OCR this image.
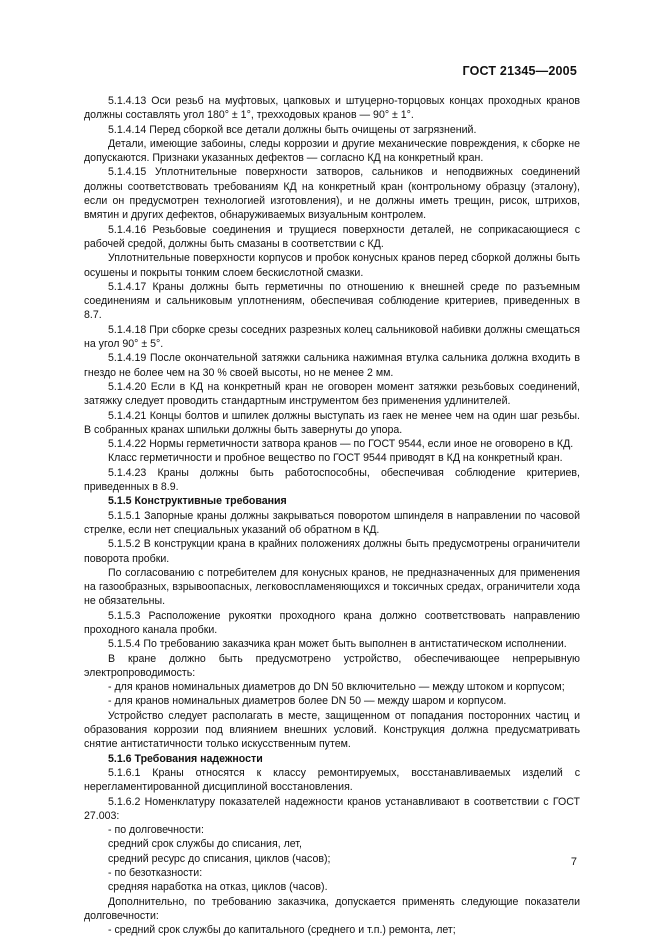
ГОСТ 21345—2005

5.1.4.13 Оси резьб на муфтовых, цапковых и штуцерно-торцовых концах проходных кранов должны составлять угол 180° ± 1°, трехходовых кранов — 90° ± 1°.

5.1.4.14 Перед сборкой все детали должны быть очищены от загрязнений.

Детали, имеющие забоины, следы коррозии и другие механические повреждения, к сборке не допускаются. Признаки указанных дефектов — согласно КД на конкретный кран.

5.1.4.15 Уплотнительные поверхности затворов, сальников и неподвижных соединений должны соответствовать требованиям КД на конкретный кран (контрольному образцу (эталону), если он предусмотрен технологией изготовления), и не должны иметь трещин, рисок, штрихов, вмятин и других дефектов, обнаруживаемых визуальным контролем.

5.1.4.16 Резьбовые соединения и трущиеся поверхности деталей, не соприкасающиеся с рабочей средой, должны быть смазаны в соответствии с КД.

Уплотнительные поверхности корпусов и пробок конусных кранов перед сборкой должны быть осушены и покрыты тонким слоем бескислотной смазки.

5.1.4.17 Краны должны быть герметичны по отношению к внешней среде по разъемным соединениям и сальниковым уплотнениям, обеспечивая соблюдение критериев, приведенных в 8.7.

5.1.4.18 При сборке срезы соседних разрезных колец сальниковой набивки должны смещаться на угол 90° ± 5°.

5.1.4.19 После окончательной затяжки сальника нажимная втулка сальника должна входить в гнездо не более чем на 30 % своей высоты, но не менее 2 мм.

5.1.4.20 Если в КД на конкретный кран не оговорен момент затяжки резьбовых соединений, затяжку следует проводить стандартным инструментом без применения удлинителей.

5.1.4.21 Концы болтов и шпилек должны выступать из гаек не менее чем на один шаг резьбы. В собранных кранах шпильки должны быть завернуты до упора.

5.1.4.22 Нормы герметичности затвора кранов — по ГОСТ 9544, если иное не оговорено в КД.

Класс герметичности и пробное вещество по ГОСТ 9544 приводят в КД на конкретный кран.

5.1.4.23 Краны должны быть работоспособны, обеспечивая соблюдение критериев, приведенных в 8.9.

5.1.5 Конструктивные требования

5.1.5.1 Запорные краны должны закрываться поворотом шпинделя в направлении по часовой стрелке, если нет специальных указаний об обратном в КД.

5.1.5.2 В конструкции крана в крайних положениях должны быть предусмотрены ограничители поворота пробки.

По согласованию с потребителем для конусных кранов, не предназначенных для применения на газообразных, взрывоопасных, легковоспламеняющихся и токсичных средах, ограничители хода не обязательны.

5.1.5.3 Расположение рукоятки проходного крана должно соответствовать направлению проходного канала пробки.

5.1.5.4 По требованию заказчика кран может быть выполнен в антистатическом исполнении.

В кране должно быть предусмотрено устройство, обеспечивающее непрерывную электропроводимость:

- для кранов номинальных диаметров до DN 50 включительно — между штоком и корпусом;

- для кранов номинальных диаметров более DN 50 — между шаром и корпусом.

Устройство следует располагать в месте, защищенном от попадания посторонних частиц и образования коррозии под влиянием внешних условий. Конструкция должна предусматривать снятие антистатичности только искусственным путем.

5.1.6 Требования надежности

5.1.6.1 Краны относятся к классу ремонтируемых, восстанавливаемых изделий с нерегламентированной дисциплиной восстановления.

5.1.6.2 Номенклатуру показателей надежности кранов устанавливают в соответствии с ГОСТ 27.003:

- по долговечности:

средний срок службы до списания, лет,

средний ресурс до списания, циклов (часов);

- по безотказности:

средняя наработка на отказ, циклов (часов).

Дополнительно, по требованию заказчика, допускается применять следующие показатели долговечности:

- средний срок службы до капитального (среднего и т.п.) ремонта, лет;

7
